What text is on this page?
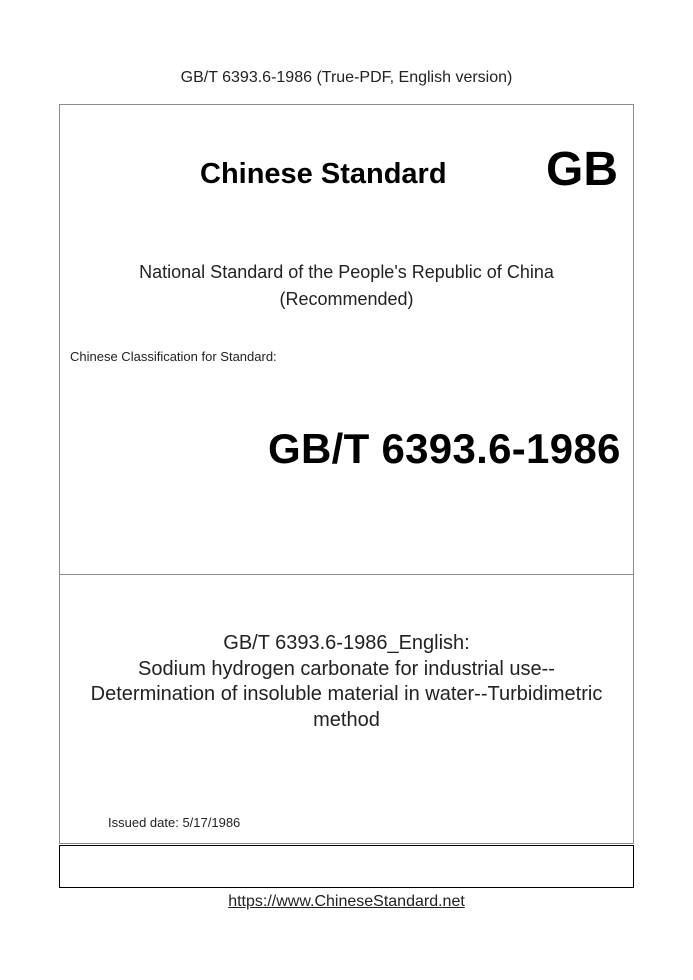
GB/T 6393.6-1986 (True-PDF, English version)
Chinese Standard GB
National Standard of the People's Republic of China
(Recommended)
Chinese Classification for Standard:
GB/T 6393.6-1986
GB/T 6393.6-1986_English:
Sodium hydrogen carbonate for industrial use--
Determination of insoluble material in water--Turbidimetric
method
Issued date: 5/17/1986
https://www.ChineseStandard.net
